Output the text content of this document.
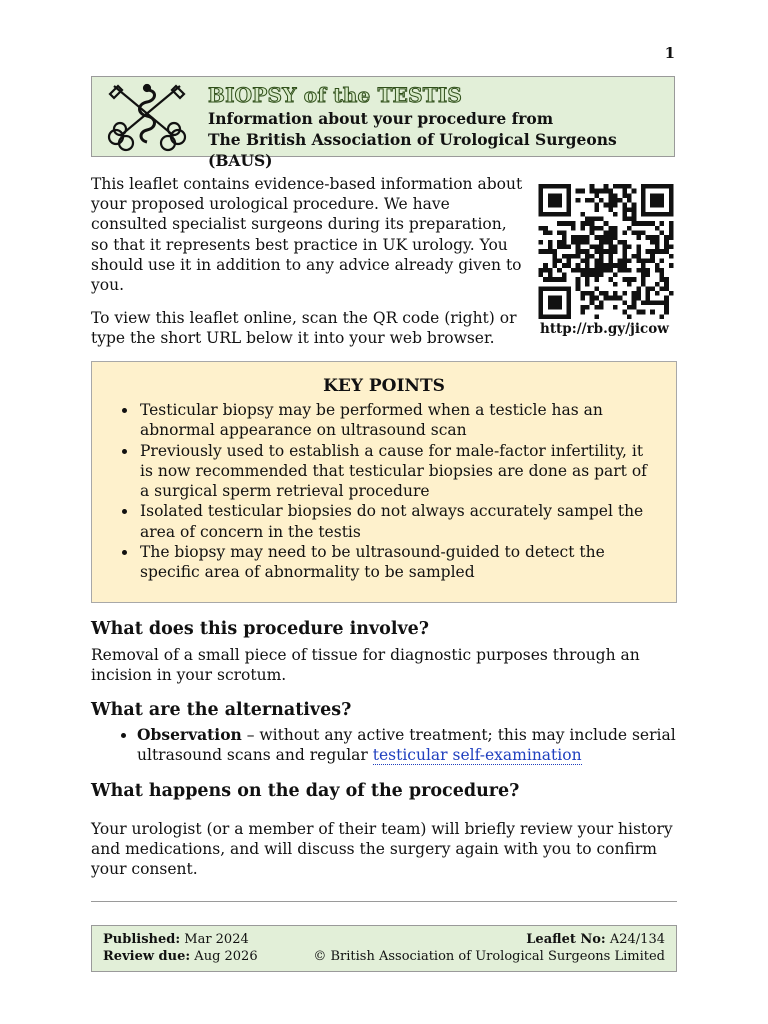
1
BIOPSY of the TESTIS
Information about your procedure from
The British Association of Urological Surgeons (BAUS)

This leaflet contains evidence-based information about your proposed urological procedure. We have consulted specialist surgeons during its preparation, so that it represents best practice in UK urology. You should use it in addition to any advice already given to you.

To view this leaflet online, scan the QR code (right) or type the short URL below it into your web browser.

http://rb.gy/jicow
KEY POINTS
• Testicular biopsy may be performed when a testicle has an abnormal appearance on ultrasound scan
• Previously used to establish a cause for male-factor infertility, it is now recommended that testicular biopsies are done as part of a surgical sperm retrieval procedure
• Isolated testicular biopsies do not always accurately sampel the area of concern in the testis
• The biopsy may need to be ultrasound-guided to detect the specific area of abnormality to be sampled
What does this procedure involve?

Removal of a small piece of tissue for diagnostic purposes through an incision in your scrotum.

What are the alternatives?
• Observation – without any active treatment; this may include serial ultrasound scans and regular testicular self-examination
What happens on the day of the procedure?

Your urologist (or a member of their team) will briefly review your history and medications, and will discuss the surgery again with you to confirm your consent.

Published: Mar 2024
Review due: Aug 2026
Leaflet No: A24/134
© British Association of Urological Surgeons Limited
